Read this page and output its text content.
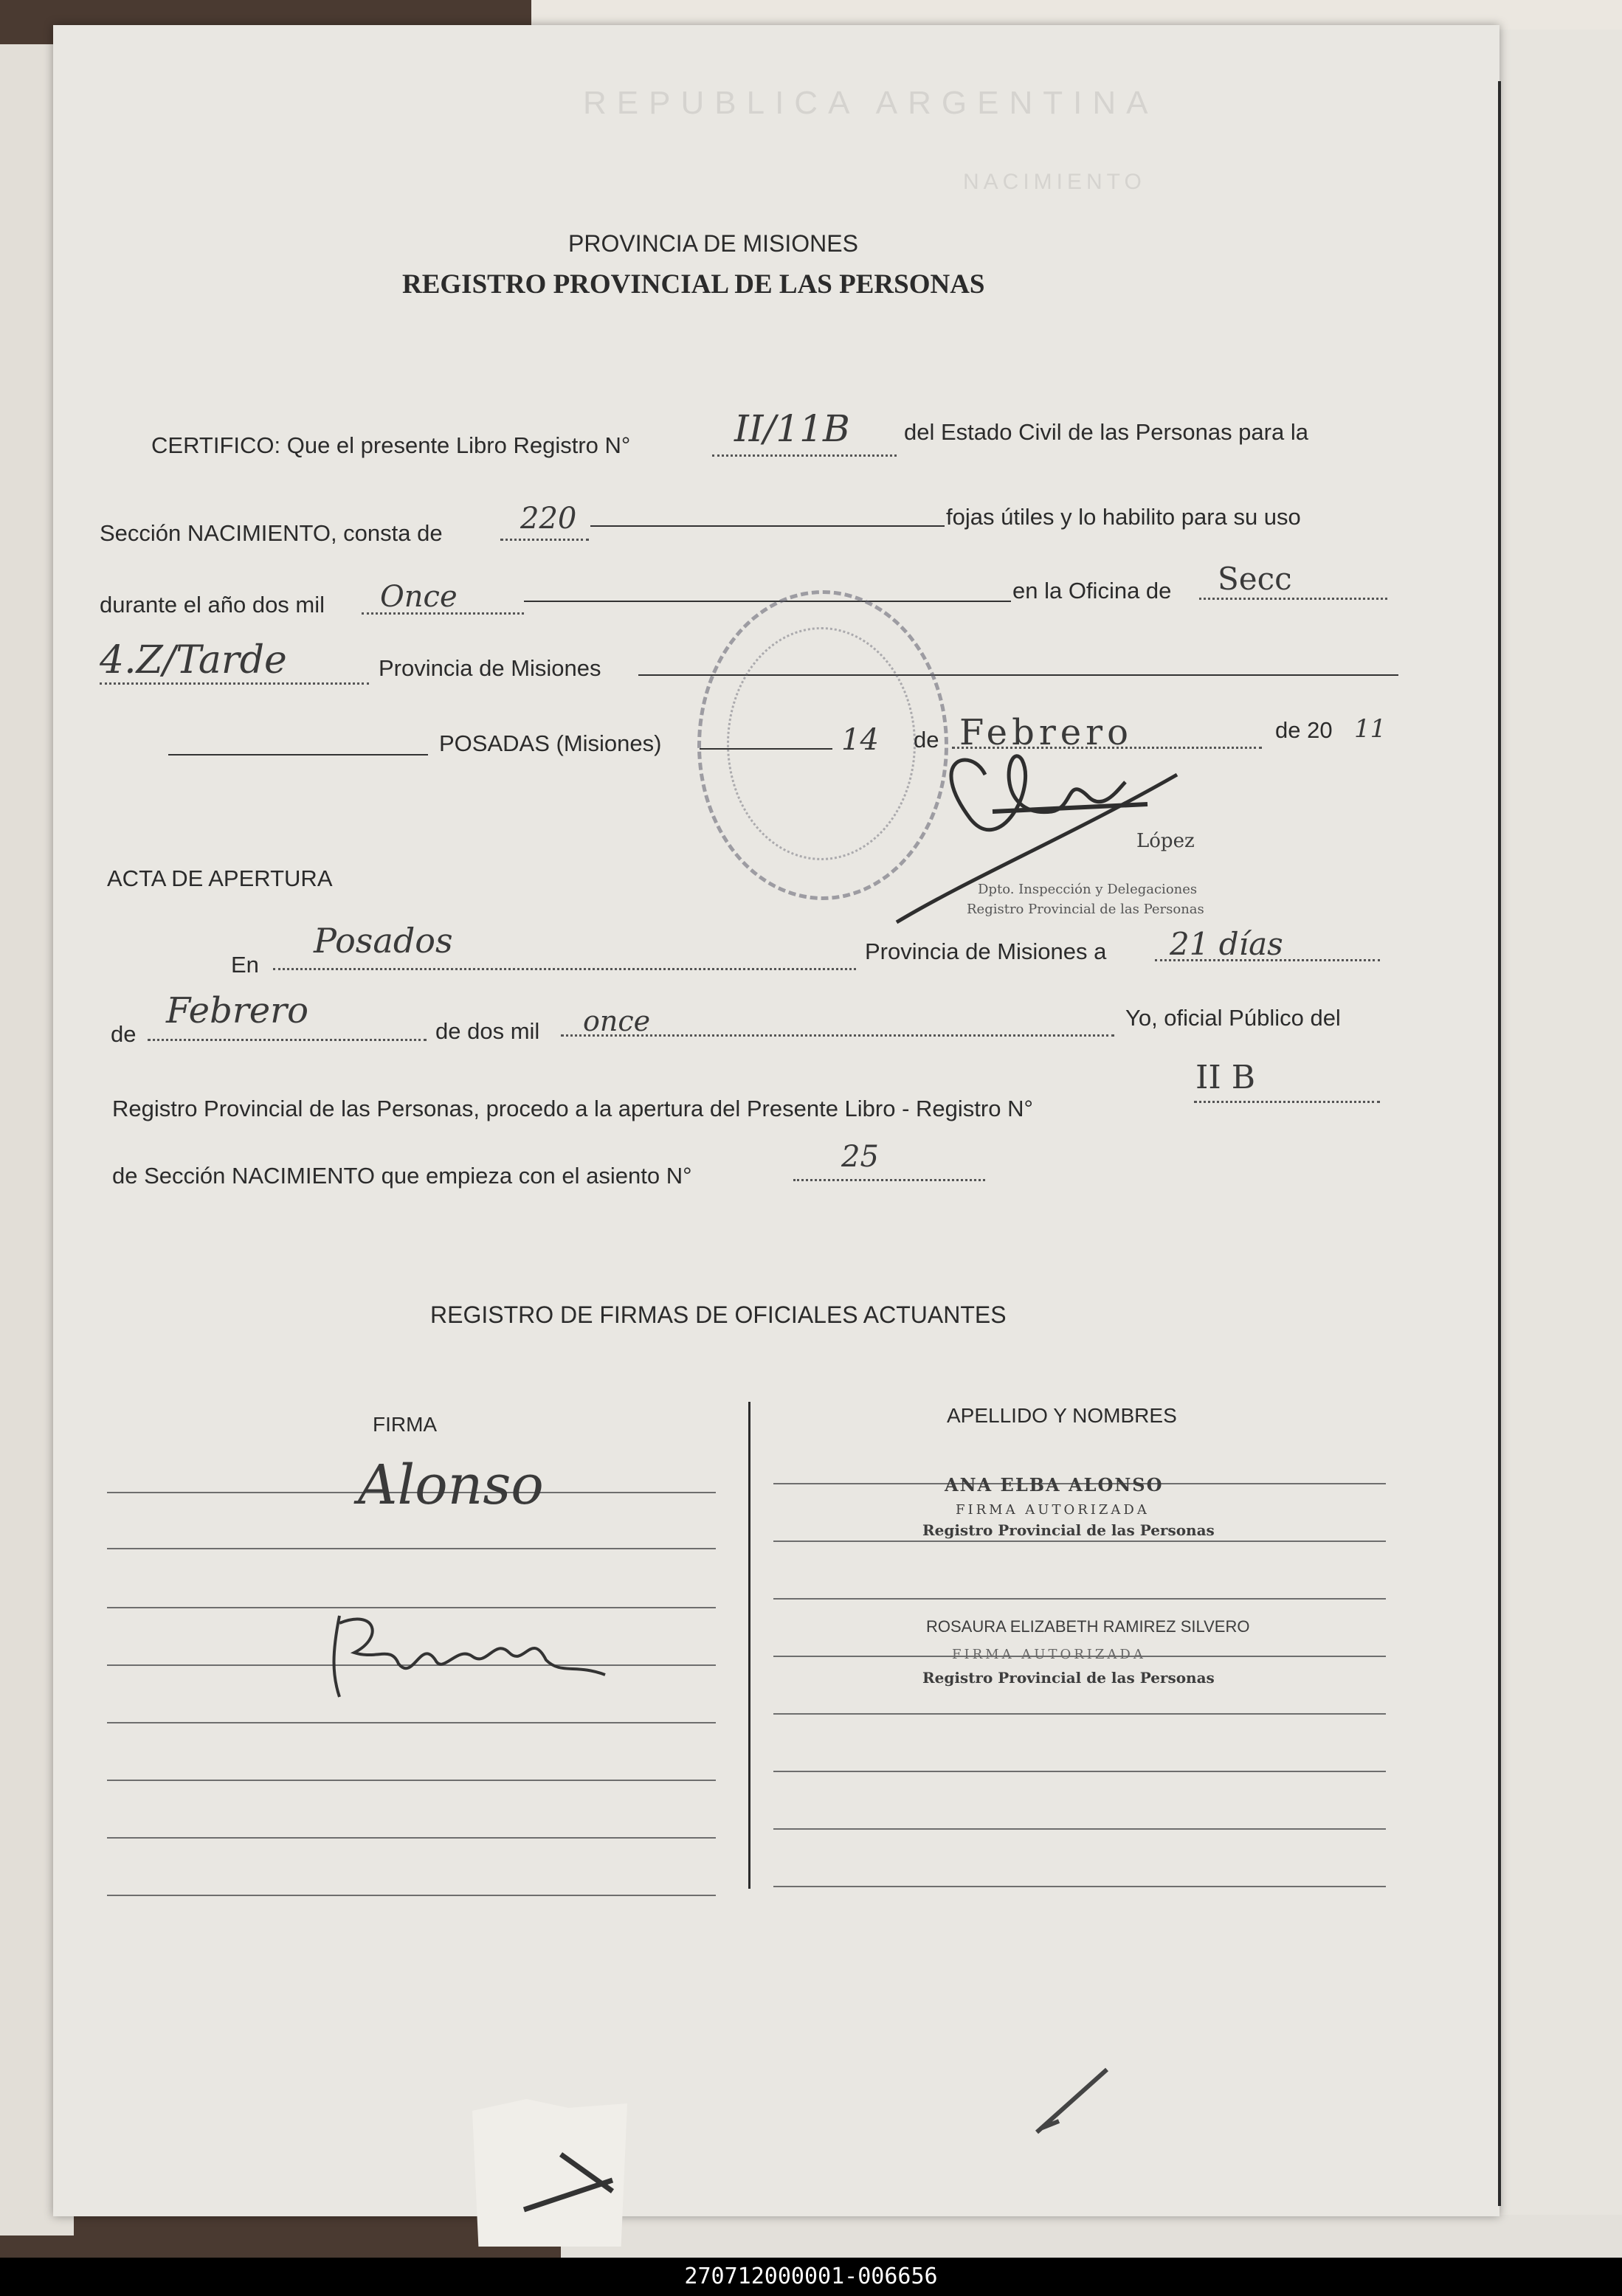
REPUBLICA ARGENTINA
NACIMIENTO
PROVINCIA DE MISIONES
REGISTRO PROVINCIAL DE LAS PERSONAS
CERTIFICO: Que el presente Libro Registro N°	II/11B del Estado Civil de las Personas para la
Sección NACIMIENTO, consta de	220	fojas útiles y lo habilito para su uso
durante el año dos mil Once	en la Oficina de Secc
4.Z/Tarde	Provincia de Misiones
POSADAS (Misiones)	14 de Febrero	de 20 11
López
Dpto. Inspección y Delegaciones
Registro Provincial de las Personas
ACTA DE APERTURA
En
Posados	Provincia de Misiones a 21 días
de
Febrero	de dos mil once	Yo, oficial Público del
Registro Provincial de las Personas, procedo a la apertura del Presente Libro - Registro N°
II B
de Sección NACIMIENTO que empieza con el asiento N°
25
REGISTRO DE FIRMAS DE OFICIALES ACTUANTES
FIRMA	APELLIDO Y NOMBRES
Alonso	ANA ELBA ALONSO
FIRMA AUTORIZADA
Registro Provincial de las Personas
ROSAURA ELIZABETH RAMIREZ SILVERO
FIRMA AUTORIZADA
Registro Provincial de las Personas
270712000001-006656
